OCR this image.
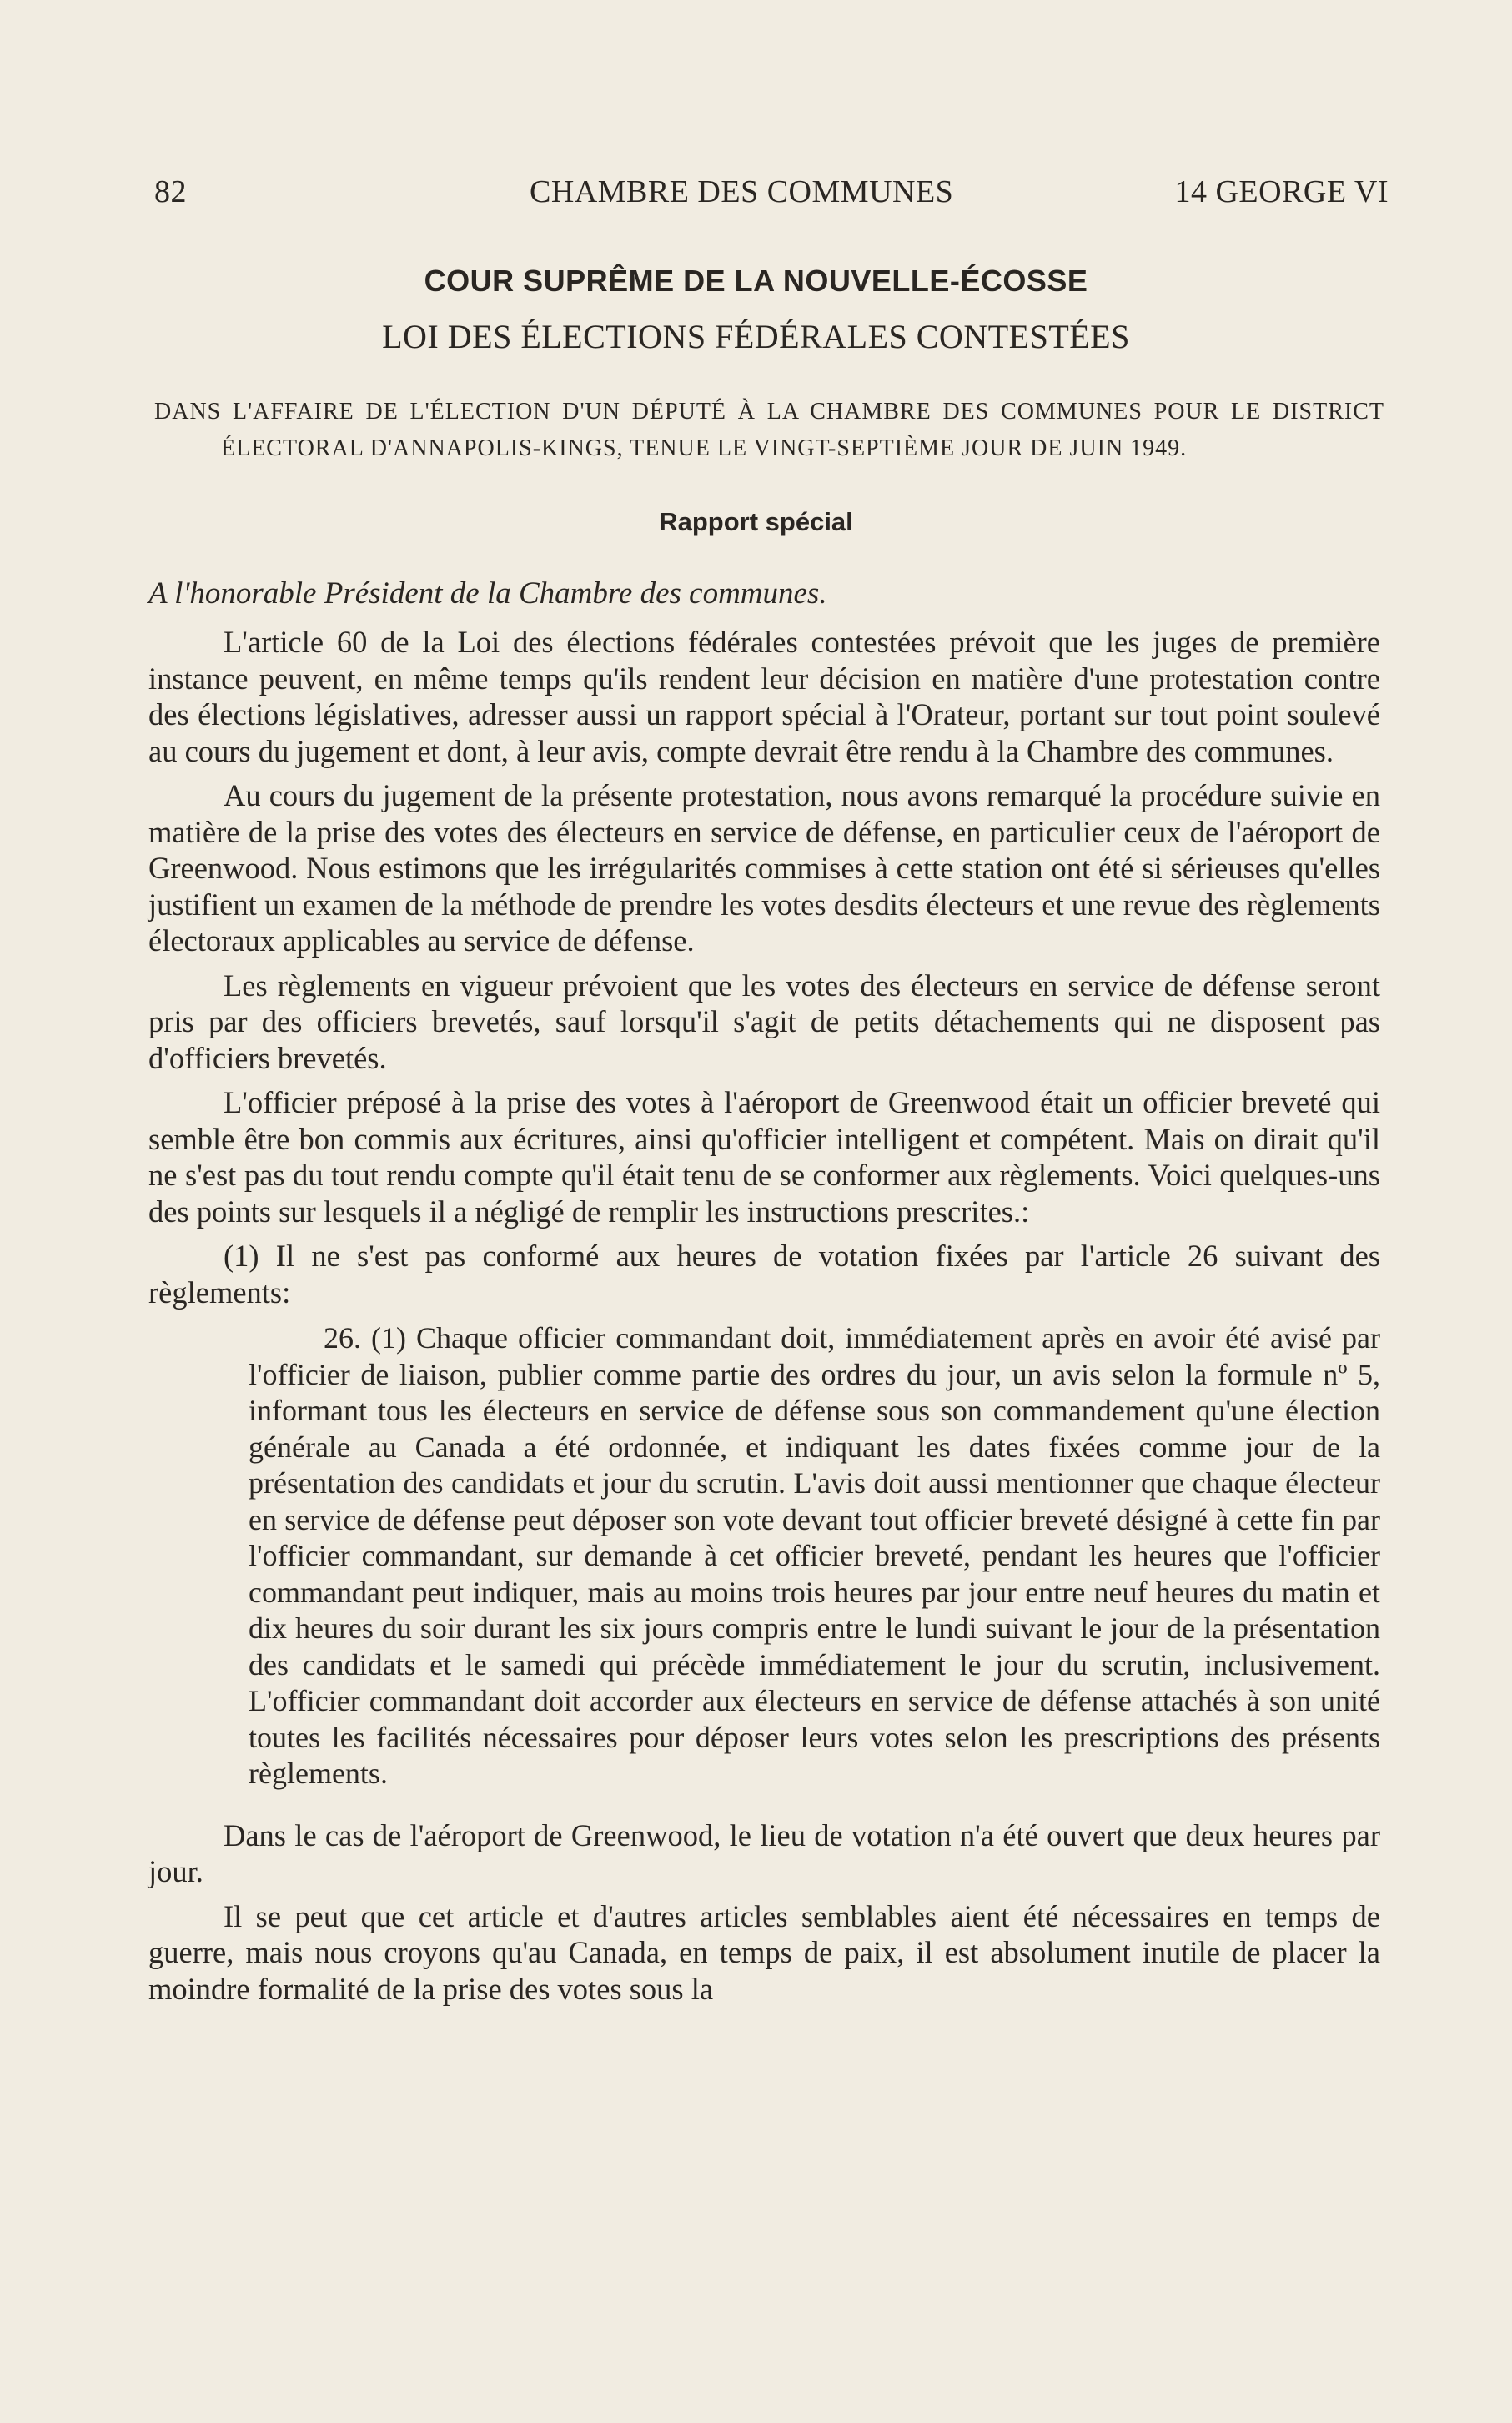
82	CHAMBRE DES COMMUNES	14 GEORGE VI
COUR SUPRÊME DE LA NOUVELLE-ÉCOSSE
LOI DES ÉLECTIONS FÉDÉRALES CONTESTÉES
DANS L'AFFAIRE DE L'ÉLECTION D'UN DÉPUTÉ À LA CHAMBRE DES COMMUNES POUR LE DISTRICT ÉLECTORAL D'ANNAPOLIS-KINGS, TENUE LE VINGT-SEPTIÈME JOUR DE JUIN 1949.
Rapport spécial
A l'honorable Président de la Chambre des communes.

L'article 60 de la Loi des élections fédérales contestées prévoit que les juges de première instance peuvent, en même temps qu'ils rendent leur décision en matière d'une protestation contre des élections législatives, adresser aussi un rapport spécial à l'Orateur, portant sur tout point soulevé au cours du jugement et dont, à leur avis, compte devrait être rendu à la Chambre des communes.

Au cours du jugement de la présente protestation, nous avons remarqué la procédure suivie en matière de la prise des votes des électeurs en service de défense, en particulier ceux de l'aéroport de Greenwood. Nous estimons que les irrégularités commises à cette station ont été si sérieuses qu'elles justifient un examen de la méthode de prendre les votes desdits électeurs et une revue des règlements électoraux applicables au service de défense.

Les règlements en vigueur prévoient que les votes des électeurs en service de défense seront pris par des officiers brevetés, sauf lorsqu'il s'agit de petits détachements qui ne disposent pas d'officiers brevetés.

L'officier préposé à la prise des votes à l'aéroport de Greenwood était un officier breveté qui semble être bon commis aux écritures, ainsi qu'officier intelligent et compétent. Mais on dirait qu'il ne s'est pas du tout rendu compte qu'il était tenu de se conformer aux règlements. Voici quelques-uns des points sur lesquels il a négligé de remplir les instructions prescrites.:

(1) Il ne s'est pas conformé aux heures de votation fixées par l'article 26 suivant des règlements:

26. (1) Chaque officier commandant doit, immédiatement après en avoir été avisé par l'officier de liaison, publier comme partie des ordres du jour, un avis selon la formule nº 5, informant tous les électeurs en service de défense sous son commandement qu'une élection générale au Canada a été ordonnée, et indiquant les dates fixées comme jour de la présentation des candidats et jour du scrutin. L'avis doit aussi mentionner que chaque électeur en service de défense peut déposer son vote devant tout officier breveté désigné à cette fin par l'officier commandant, sur demande à cet officier breveté, pendant les heures que l'officier commandant peut indiquer, mais au moins trois heures par jour entre neuf heures du matin et dix heures du soir durant les six jours compris entre le lundi suivant le jour de la présentation des candidats et le samedi qui précède immédiatement le jour du scrutin, inclusivement. L'officier commandant doit accorder aux électeurs en service de défense attachés à son unité toutes les facilités nécessaires pour déposer leurs votes selon les prescriptions des présents règlements.

Dans le cas de l'aéroport de Greenwood, le lieu de votation n'a été ouvert que deux heures par jour.

Il se peut que cet article et d'autres articles semblables aient été nécessaires en temps de guerre, mais nous croyons qu'au Canada, en temps de paix, il est absolument inutile de placer la moindre formalité de la prise des votes sous la
